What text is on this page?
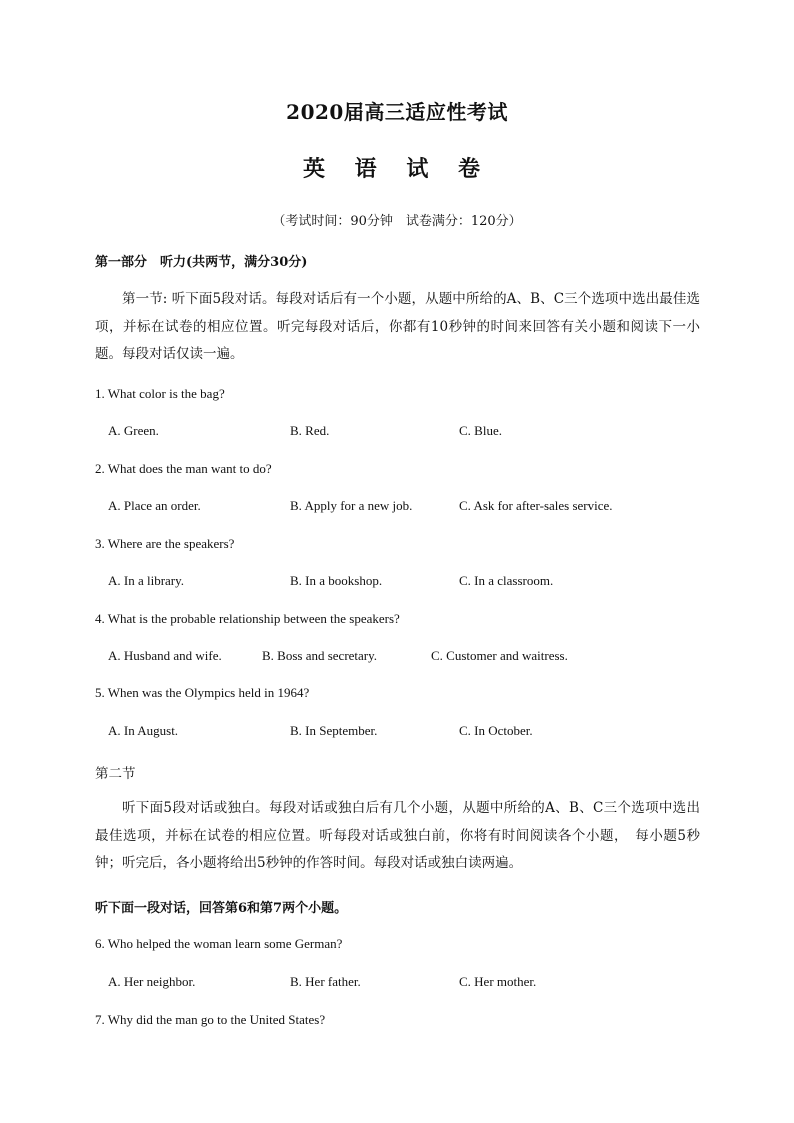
2020届高三适应性考试
英 语 试 卷
（考试时间：90分钟　试卷满分：120分）
第一部分　听力(共两节，满分30分)
第一节: 听下面5段对话。每段对话后有一个小题，从题中所给的A、B、C三个选项中选出最佳选项，并标在试卷的相应位置。听完每段对话后，你都有10秒钟的时间来回答有关小题和阅读下一小题。每段对话仅读一遍。
1. What color is the bag?
A. Green.	B. Red.	C. Blue.
2. What does the man want to do?
A. Place an order.	B. Apply for a new job.	C. Ask for after-sales service.
3. Where are the speakers?
A. In a library.	B. In a bookshop.	C. In a classroom.
4. What is the probable relationship between the speakers?
A. Husband and wife.	B. Boss and secretary.	C. Customer and waitress.
5. When was the Olympics held in 1964?
A. In August.	B. In September.	C. In October.
第二节
听下面5段对话或独白。每段对话或独白后有几个小题，从题中所给的A、B、C三个选项中选出最佳选项，并标在试卷的相应位置。听每段对话或独白前，你将有时间阅读各个小题，　每小题5秒钟；听完后，各小题将给出5秒钟的作答时间。每段对话或独白读两遍。
听下面一段对话，回答第6和第7两个小题。
6. Who helped the woman learn some German?
A. Her neighbor.	B. Her father.	C. Her mother.
7. Why did the man go to the United States?
